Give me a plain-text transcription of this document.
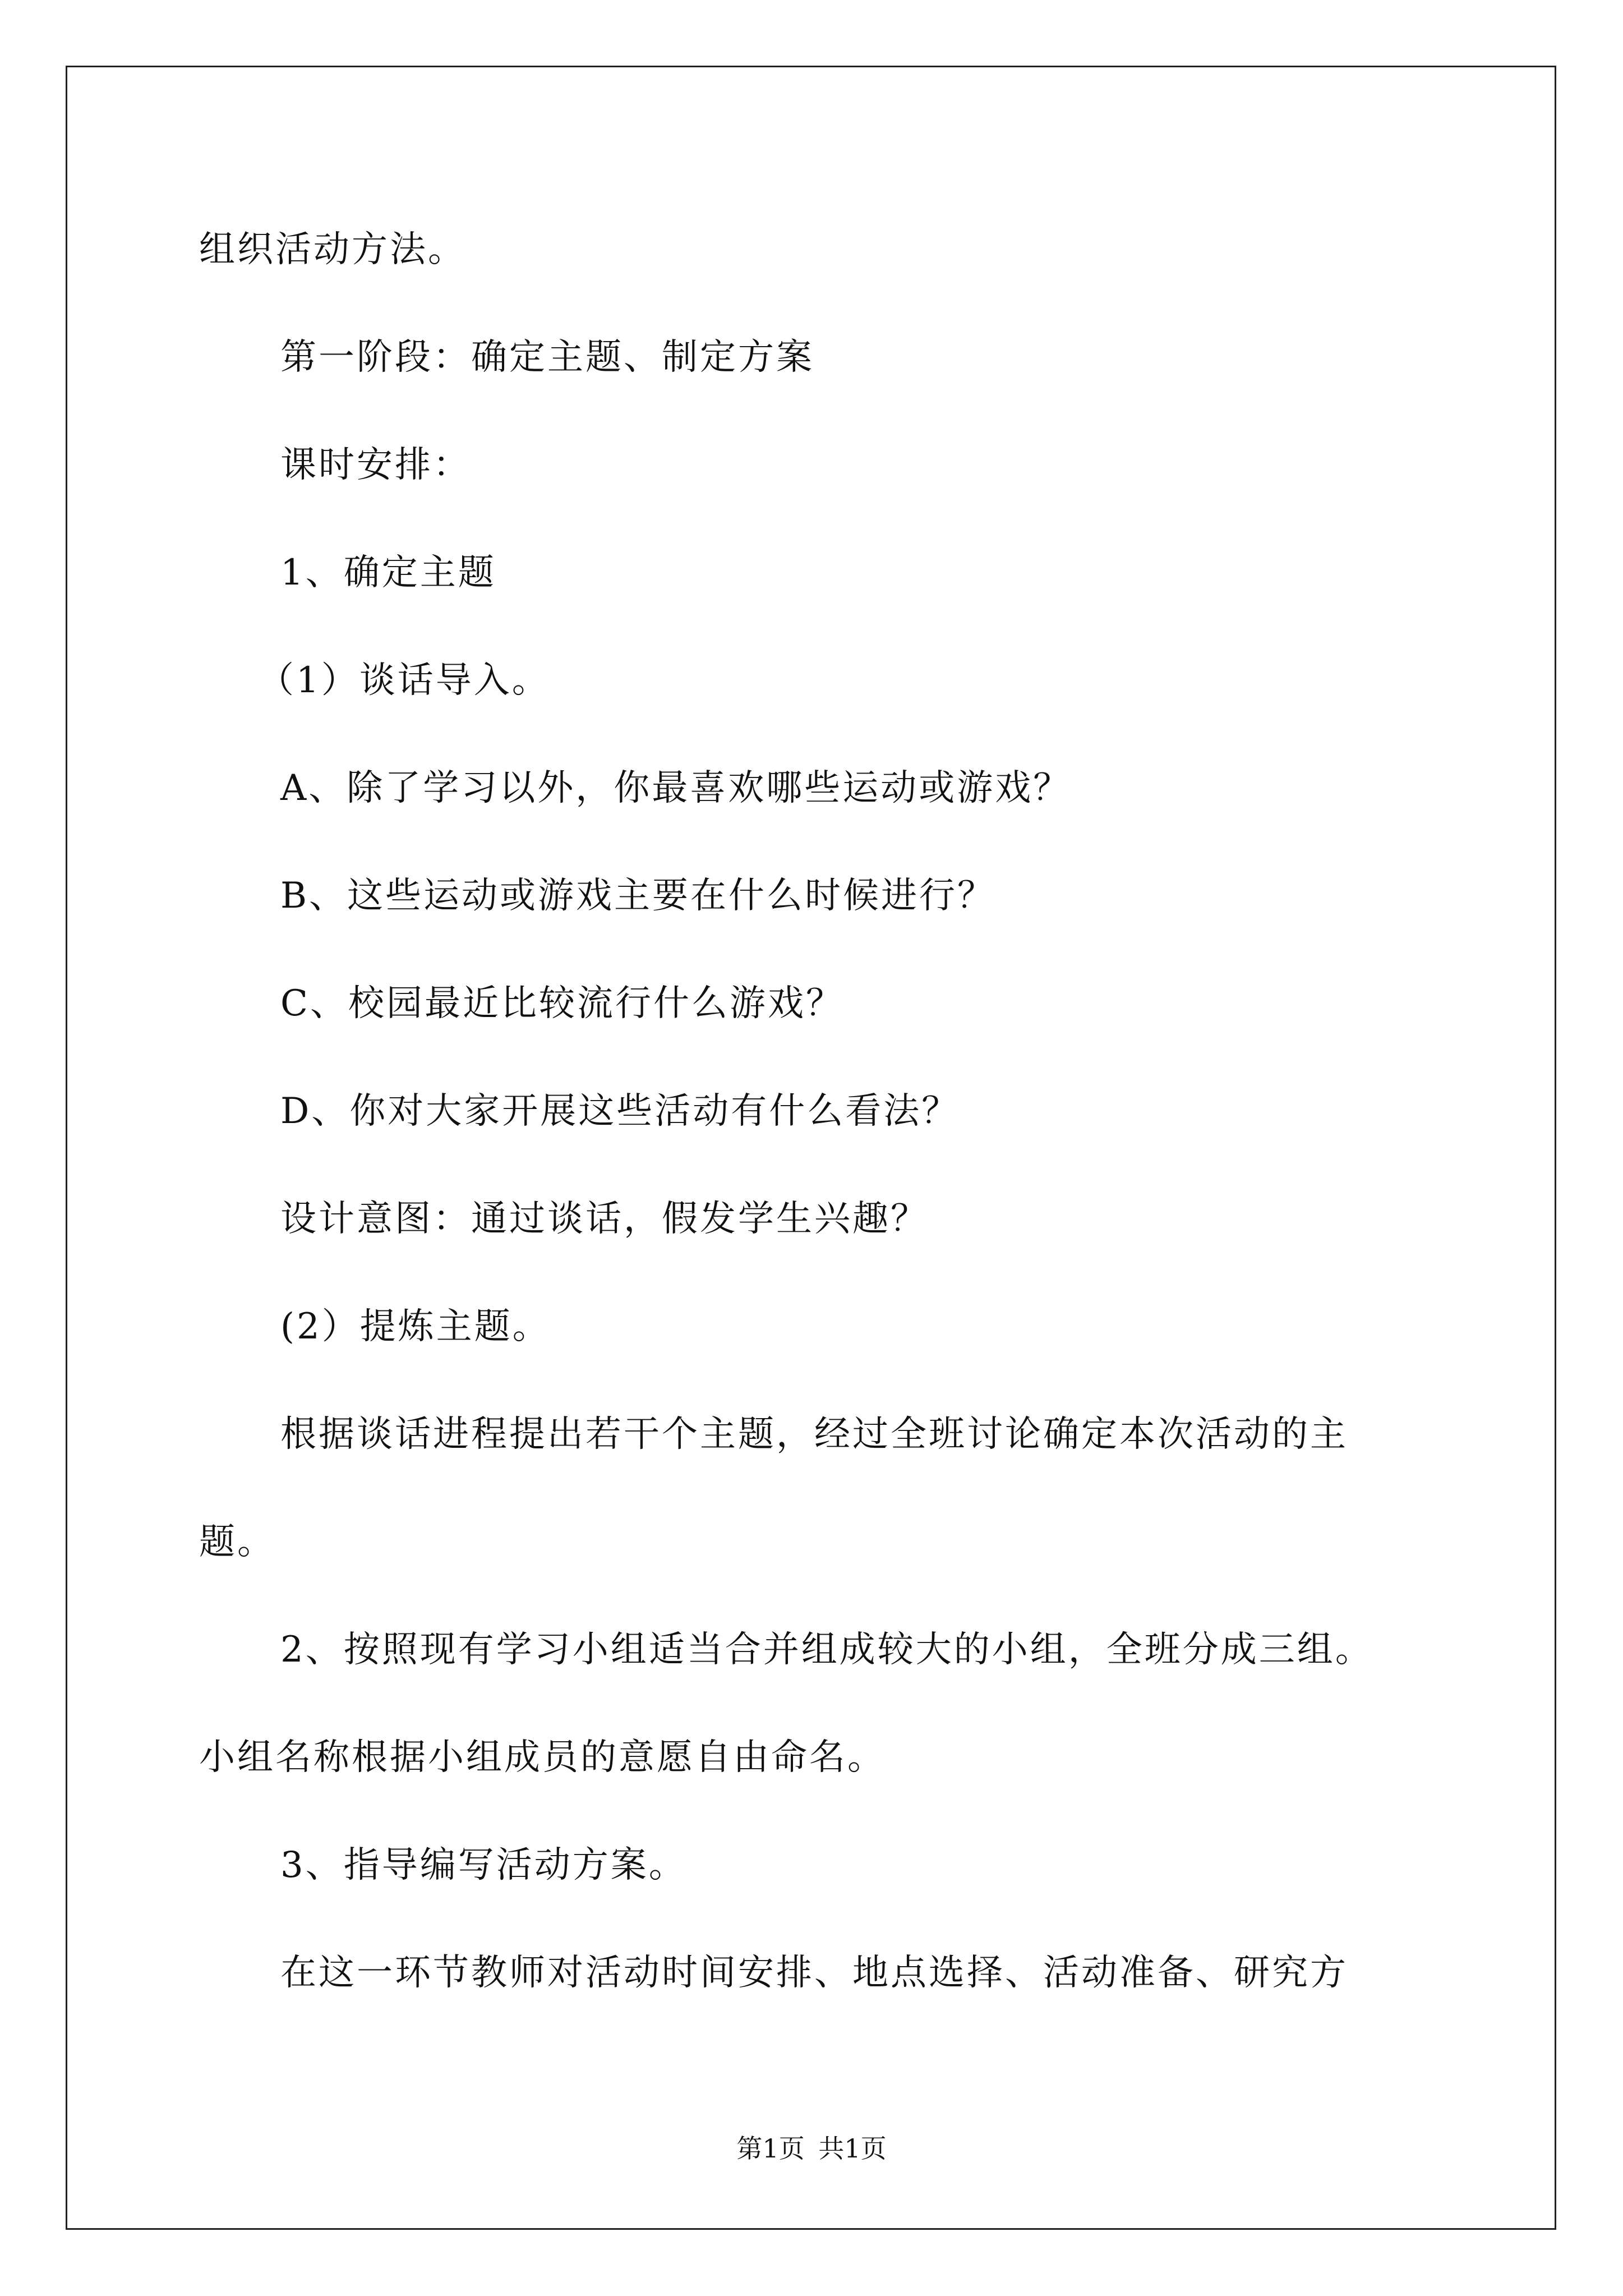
组织活动方法。
第一阶段：确定主题、制定方案
课时安排：
1、确定主题
（1）谈话导入。
A、除了学习以外，你最喜欢哪些运动或游戏？
B、这些运动或游戏主要在什么时候进行？
C、校园最近比较流行什么游戏？
D、你对大家开展这些活动有什么看法？
设计意图：通过谈话，假发学生兴趣？
(2）提炼主题。
根据谈话进程提出若干个主题，经过全班讨论确定本次活动的主
题。
2、按照现有学习小组适当合并组成较大的小组，全班分成三组。
小组名称根据小组成员的意愿自由命名。
3、指导编写活动方案。
在这一环节教师对活动时间安排、地点选择、活动准备、研究方
第1页 共1页
